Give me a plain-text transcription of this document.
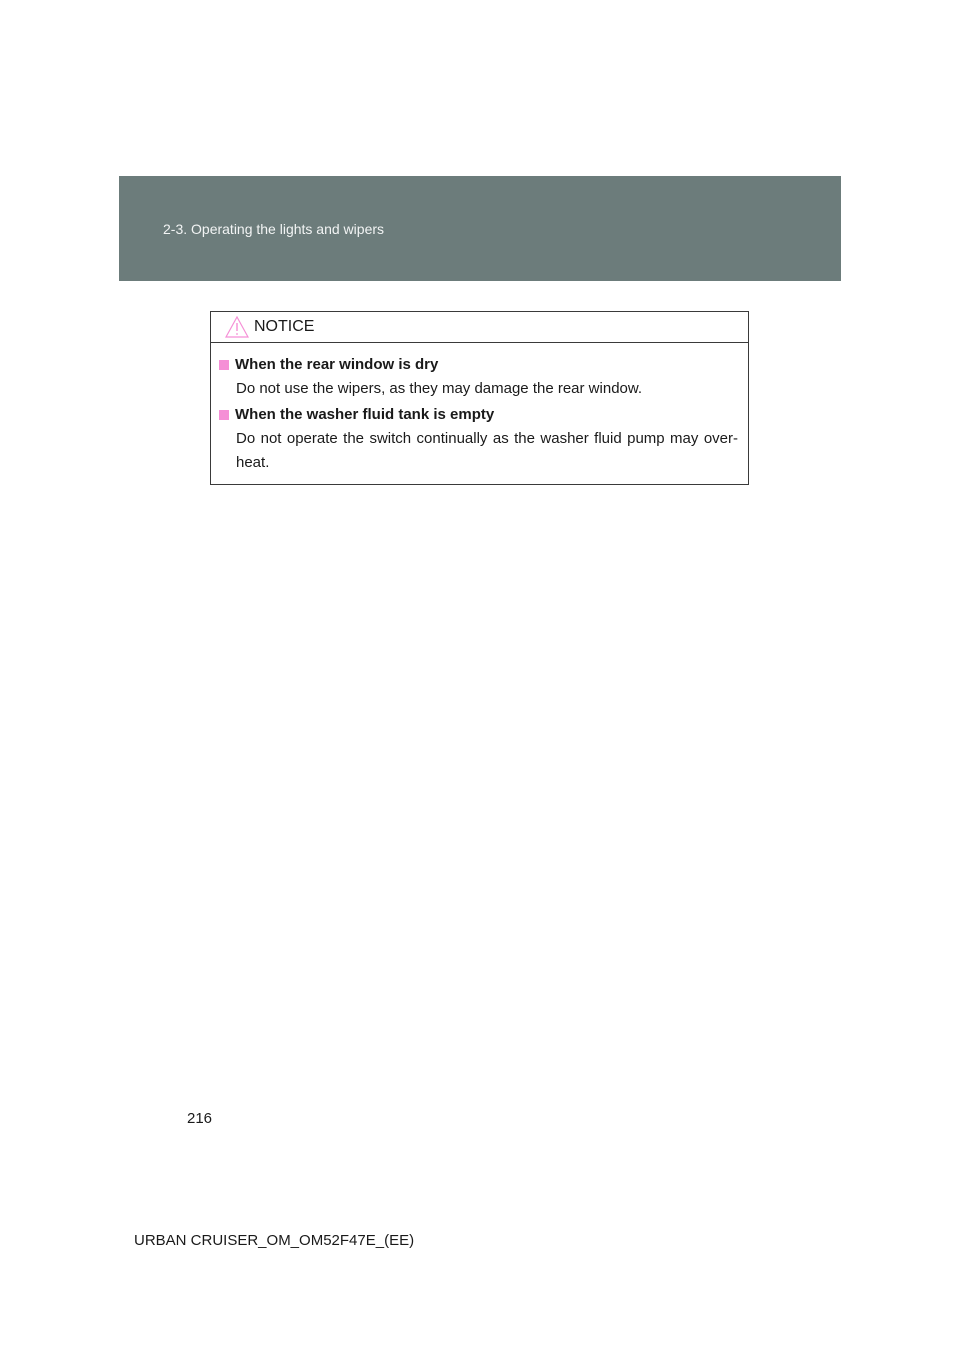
2-3. Operating the lights and wipers
NOTICE
When the rear window is dry
Do not use the wipers, as they may damage the rear window.
When the washer fluid tank is empty
Do not operate the switch continually as the washer fluid pump may over-heat.
216
URBAN CRUISER_OM_OM52F47E_(EE)
